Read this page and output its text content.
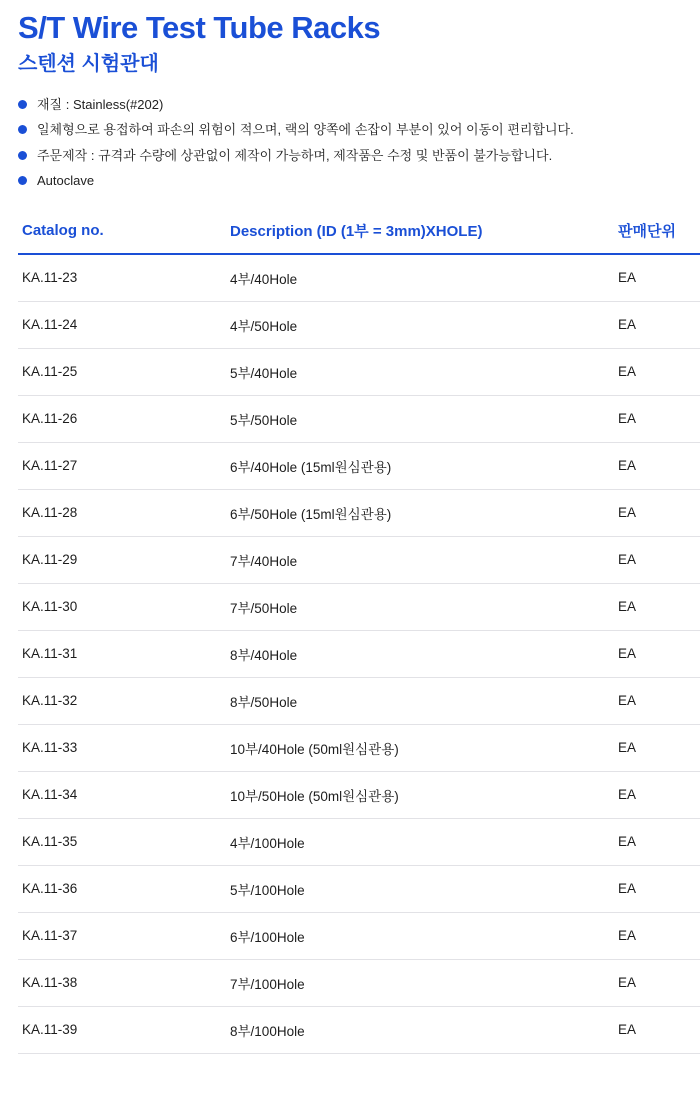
S/T Wire Test Tube Racks
스텐션 시험관대
재질 : Stainless(#202)
일체형으로 용접하여 파손의 위험이 적으며, 랙의 양쪽에 손잡이 부분이 있어 이동이 편리합니다.
주문제작 : 규격과 수량에 상관없이 제작이 가능하며, 제작품은 수정 및 반품이 불가능합니다.
Autoclave
Catalog no.	Description (ID (1부 = 3mm)XHOLE)	판매단위
KA.11-23	4부/40Hole	EA
KA.11-24	4부/50Hole	EA
KA.11-25	5부/40Hole	EA
KA.11-26	5부/50Hole	EA
KA.11-27	6부/40Hole (15ml원심관용)	EA
KA.11-28	6부/50Hole (15ml원심관용)	EA
KA.11-29	7부/40Hole	EA
KA.11-30	7부/50Hole	EA
KA.11-31	8부/40Hole	EA
KA.11-32	8부/50Hole	EA
KA.11-33	10부/40Hole (50ml원심관용)	EA
KA.11-34	10부/50Hole (50ml원심관용)	EA
KA.11-35	4부/100Hole	EA
KA.11-36	5부/100Hole	EA
KA.11-37	6부/100Hole	EA
KA.11-38	7부/100Hole	EA
KA.11-39	8부/100Hole	EA
